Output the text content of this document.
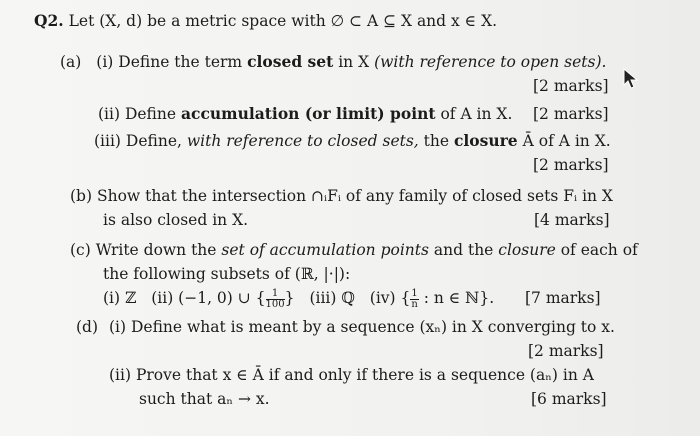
Q2. Let (X, d) be a metric space with ∅ ⊂ A ⊆ X and x ∈ X.
(a) (i) Define the term closed set in X (with reference to open sets).
[2 marks]
(ii) Define accumulation (or limit) point of A in X. [2 marks]
(iii) Define, with reference to closed sets, the closure Ā of A in X.
[2 marks]
(b) Show that the intersection ∩ᵢFᵢ of any family of closed sets Fᵢ in X
is also closed in X.	[4 marks]
(c) Write down the set of accumulation points and the closure of each of
the following subsets of (ℝ, |·|):
(i) ℤ (ii) (−1, 0) ∪ { $\frac{1}{100}$ } (iii) ℚ (iv) { $\frac{1}{n}$ : n ∈ ℕ}. [7 marks]
(d) (i) Define what is meant by a sequence (xₙ) in X converging to x.
[2 marks]
(ii) Prove that x ∈ Ā if and only if there is a sequence (aₙ) in A
such that aₙ → x.	[6 marks]
